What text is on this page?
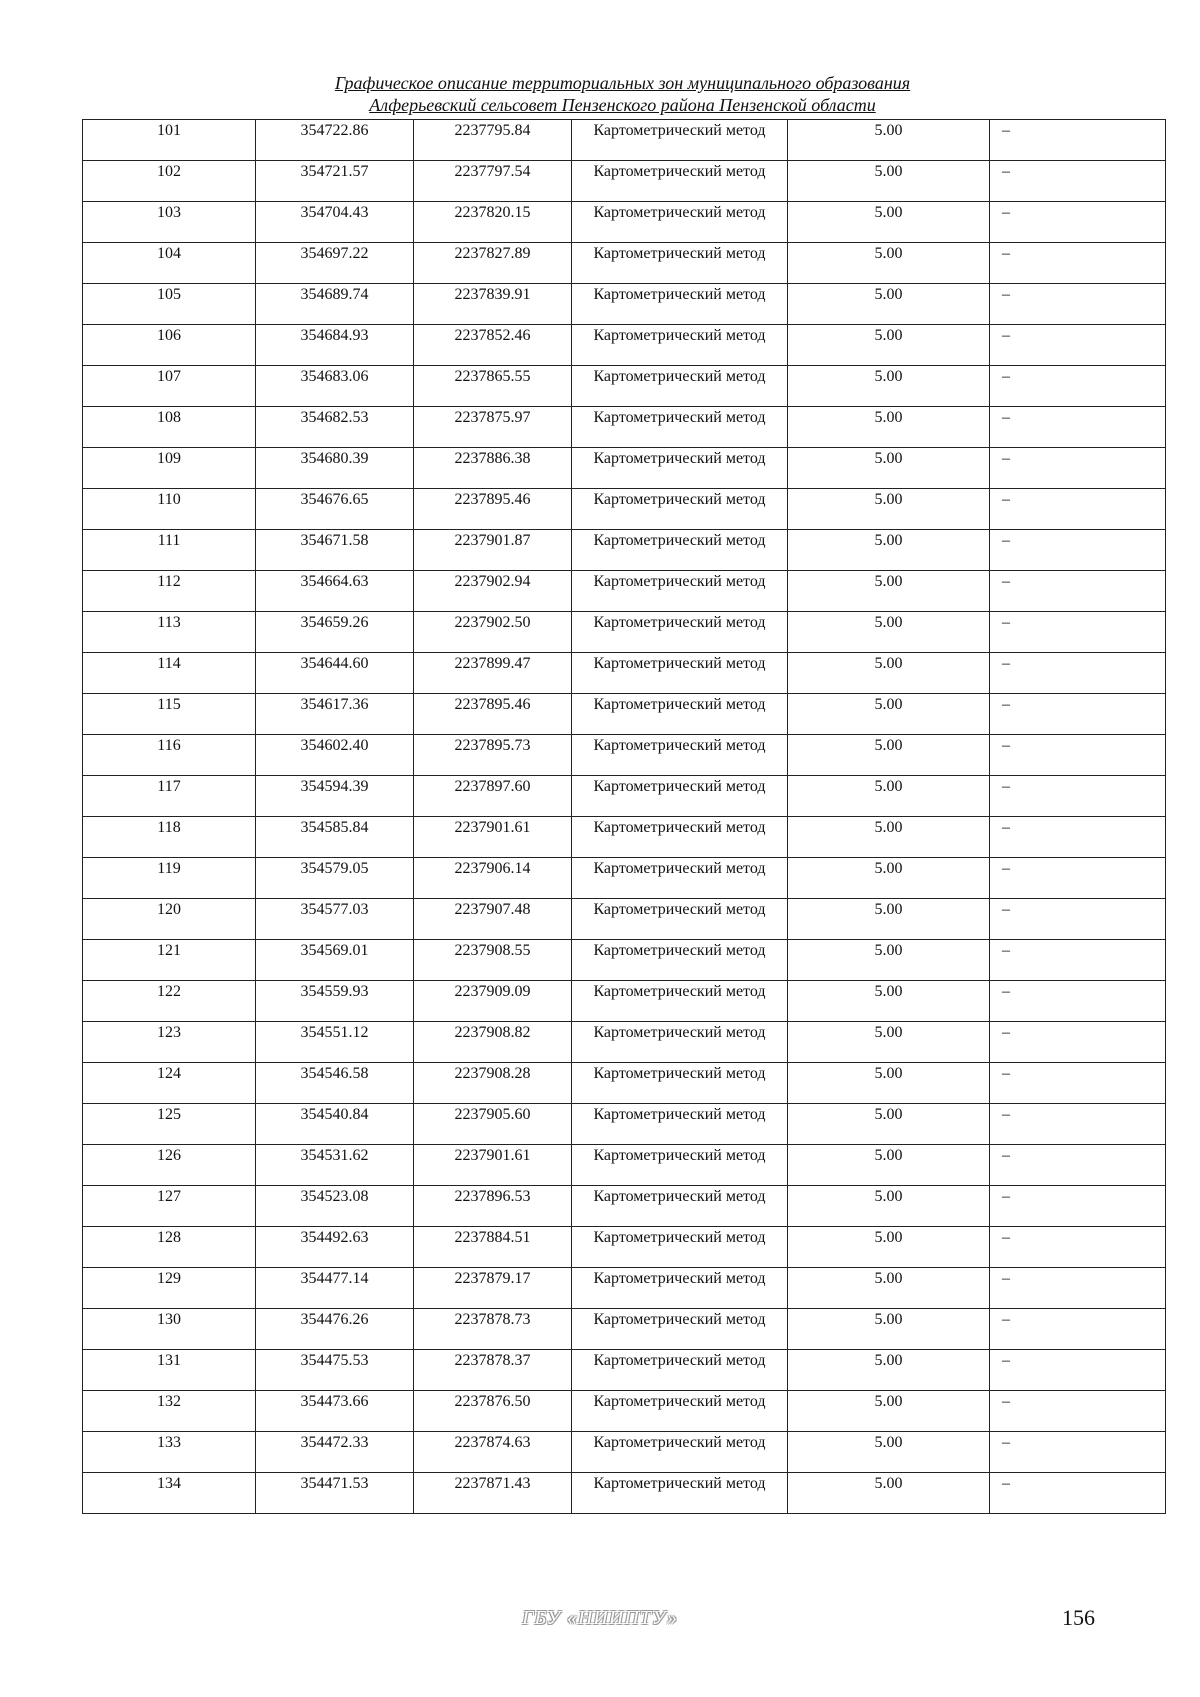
Графическое описание территориальных зон муниципального образования
Алферьевский сельсовет Пензенского района Пензенской области
101	354722.86	2237795.84	Картометрический метод	5.00	–
102	354721.57	2237797.54	Картометрический метод	5.00	–
103	354704.43	2237820.15	Картометрический метод	5.00	–
104	354697.22	2237827.89	Картометрический метод	5.00	–
105	354689.74	2237839.91	Картометрический метод	5.00	–
106	354684.93	2237852.46	Картометрический метод	5.00	–
107	354683.06	2237865.55	Картометрический метод	5.00	–
108	354682.53	2237875.97	Картометрический метод	5.00	–
109	354680.39	2237886.38	Картометрический метод	5.00	–
110	354676.65	2237895.46	Картометрический метод	5.00	–
111	354671.58	2237901.87	Картометрический метод	5.00	–
112	354664.63	2237902.94	Картометрический метод	5.00	–
113	354659.26	2237902.50	Картометрический метод	5.00	–
114	354644.60	2237899.47	Картометрический метод	5.00	–
115	354617.36	2237895.46	Картометрический метод	5.00	–
116	354602.40	2237895.73	Картометрический метод	5.00	–
117	354594.39	2237897.60	Картометрический метод	5.00	–
118	354585.84	2237901.61	Картометрический метод	5.00	–
119	354579.05	2237906.14	Картометрический метод	5.00	–
120	354577.03	2237907.48	Картометрический метод	5.00	–
121	354569.01	2237908.55	Картометрический метод	5.00	–
122	354559.93	2237909.09	Картометрический метод	5.00	–
123	354551.12	2237908.82	Картометрический метод	5.00	–
124	354546.58	2237908.28	Картометрический метод	5.00	–
125	354540.84	2237905.60	Картометрический метод	5.00	–
126	354531.62	2237901.61	Картометрический метод	5.00	–
127	354523.08	2237896.53	Картометрический метод	5.00	–
128	354492.63	2237884.51	Картометрический метод	5.00	–
129	354477.14	2237879.17	Картометрический метод	5.00	–
130	354476.26	2237878.73	Картометрический метод	5.00	–
131	354475.53	2237878.37	Картометрический метод	5.00	–
132	354473.66	2237876.50	Картометрический метод	5.00	–
133	354472.33	2237874.63	Картометрический метод	5.00	–
134	354471.53	2237871.43	Картометрический метод	5.00	–
ГБУ «НИИПТУ»	156
